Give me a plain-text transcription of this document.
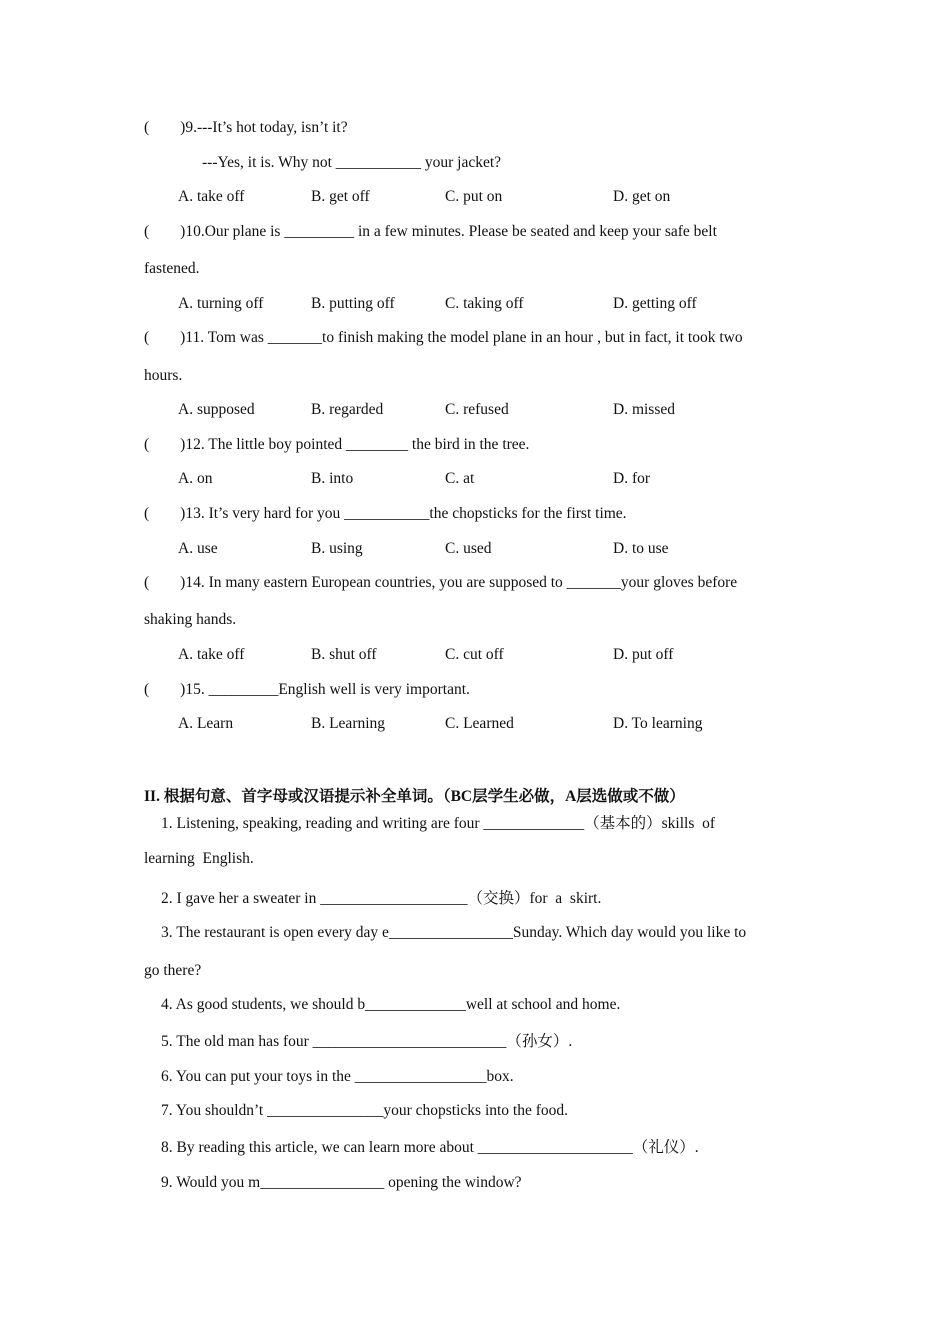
(        )9.---It’s hot today, isn’t it?
---Yes, it is. Why not ___________ your jacket?
A. take off	B. get off	C. put on	D. get on
(        )10.Our plane is _________ in a few minutes. Please be seated and keep your safe belt
fastened.
A. turning off	B. putting off	C. taking off	D. getting off
(        )11. Tom was _______to finish making the model plane in an hour , but in fact, it took two
hours.
A. supposed	B. regarded	C. refused	D. missed
(        )12. The little boy pointed ________ the bird in the tree.
A. on	B. into	C. at	D. for
(        )13. It’s very hard for you ___________the chopsticks for the first time.
A. use	B. using	C. used	D. to use
(        )14. In many eastern European countries, you are supposed to _______your gloves before
shaking hands.
A. take off	B. shut off	C. cut off	D. put off
(        )15. _________English well is very important.
A. Learn	B. Learning	C. Learned	D. To learning
II. 根据句意、首字母或汉语提示补全单词。（BC层学生必做，A层选做或不做）
1. Listening, speaking, reading and writing are four _____________（基本的）skills  of
learning  English.
2. I gave her a sweater in ___________________（交换）for  a  skirt.
3. The restaurant is open every day e________________Sunday. Which day would you like to
go there?
4. As good students, we should b_____________well at school and home.
5. The old man has four _________________________（孙女）.
6. You can put your toys in the _________________box.
7. You shouldn’t _______________your chopsticks into the food.
8. By reading this article, we can learn more about ____________________（礼仪）.
9. Would you m________________ opening the window?
